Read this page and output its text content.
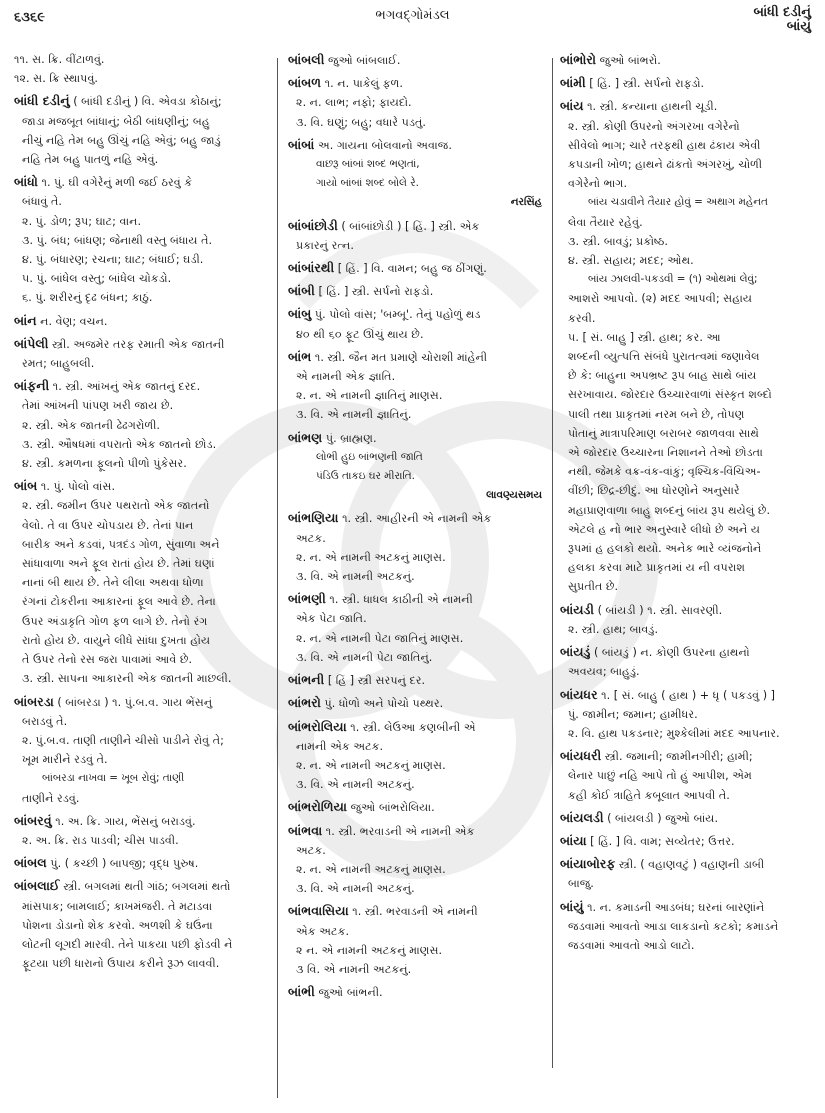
૬૩૬૯	ભગવદ્ગોમંડલ	બાંધી દડીનું
બાંયું
૧૧. સ. ક્રિ. વીંટાળવું.
૧૨. સ. ક્રિ સ્થાપવું.
બાંધી દડીનું ( બાંધી દડીનું ) વિ. એવડા કોઠાનું;
જાડા મજબૂત બાંધાનું; બેઠી બાંધણીનું; બહુ
નીચું નહિ તેમ બહુ ઊંચું નહિ એવું; બહુ જાડું
નહિ તેમ બહુ પાતળું નહિ એવું.
બાંધો ૧. પું. ઘી વગેરેનું મળી જઈ ઠરવું કે
બંધાવું તે.
૨. પું. ડોળ; રૂપ; ઘાટ; વાન.
૩. પું. બંધ; બાંધણ; જેનાથી વસ્તુ બંધાય તે.
૪. પું. બંધારણ; રચના; ઘાટ; બંધાઈ; ઘડી.
૫. પું. બાંધેલ વસ્તુ; બાંધેલ ચોકડો.
૬. પું. શરીરનું દૃઢ બંધન; કાઠું.
બાંન ન. વેણ; વચન.
બાંપેલી સ્ત્રી. અજમેર તરફ રમાતી એક જાતની
રમત; બાહુબલી.
બાંફની ૧. સ્ત્રી. આંખનું એક જાતનું દરદ.
તેમાં આંખની પાંપણ ખરી જાય છે.
૨. સ્ત્રી. એક જાતની ઢેઢગરોળી.
૩. સ્ત્રી. ઔષધમાં વપરાતો એક જાતનો છોડ.
૪. સ્ત્રી. કમળના ફૂલનો પીળો પુંકેસર.
બાંબ ૧. પું. પોલો વાંસ.
૨. સ્ત્રી. જમીન ઉપર પથરાતો એક જાતનો
વેલો. તે વા ઉપર ચોપડાય છે. તેનાં પાન
બારીક અને કડવાં, પત્રદંડ ગોળ, સુંવાળા અને
સાંધાવાળા અને ફૂલ રાતાં હોય છે. તેમાં ઘણાં
નાનાં બી થાય છે. તેને લીલા અથવા ધોળા
રંગનાં ટોકરીના આકારનાં ફૂલ આવે છે. તેના
ઉપર અંડાકૃતિ ગોળ ફળ લાગે છે. તેનો રંગ
રાતો હોય છે. વાયુને લીધે સાંધા દુખતા હોય
તે ઉપર તેનો રસ જરા પાવામાં આવે છે.
૩. સ્ત્રી. સાપના આકારની એક જાતની માછલી.
બાંબરડા ( બાંબરડા ) ૧. પું.બ.વ. ગાય ભેંસનું
બરાડવું તે.
૨. પું.બ.વ. તાણી તાણીને ચીસો પાડીને રોવું તે;
ખૂમ મારીને રડવું તે.
બાંબરડા નાખવા = ખૂબ રોવું; તાણી
તાણીને રડવું.
બાંબરવું ૧. અ. ક્રિ. ગાય, ભેંસનું બરાડવું.
૨. અ. ક્રિ. રાડ પાડવી; ચીસ પાડવી.
બાંબલ પું. ( કચ્છી ) બાપજી; વૃદ્ધ પુરુષ.
બાંબલાઈ સ્ત્રી. બગલમાં થતી ગાંઠ; બગલમાં થતો
માંસપાક; બામલાઈ; કાખમંજરી. તે મટાડવા
પોશના ડોડાનો શેક કરવો. અળશી કે ઘઉંના
લોટની લૂગદી મારવી. તેને પાકયા પછી ફોડવી ને
ફૂટયા પછી ધારાનો ઉપાય કરીને રૂઝ લાવવી.
બાંબલી જુઓ બાંબલાઈ.
બાંબળ ૧. ન. પાકેલું ફળ.
૨. ન. લાભ; નફો; ફાયદો.
૩. વિ. ઘણું; બહુ; વધારે પડતું.
બાંબાં અ. ગાયના બોલવાનો અવાજ.
વાછરૂ બાંબાં શબ્દ ભણતાં,
ગાયો બાંબાં શબ્દ બોલે રે.
નરસિંહ
બાંબાંછોડી ( બાંબાંછોડી ) [ હિં. ] સ્ત્રી. એક
પ્રકારનું રત્ન.
બાંબાંરથી [ હિં. ] વિ. વામન; બહુ જ ઠીંગણું.
બાંબી [ હિં. ] સ્ત્રી. સર્પનો રાફડો.
બાંબુ પું. પોલો વાંસ; 'બમ્બૂ'. તેનું પહોળું થડ
૪૦ થી ૬૦ ફૂટ ઊંચું થાય છે.
બાંભ ૧. સ્ત્રી. જૈન મત પ્રમાણે ચોરાશી માંહેની
એ નામની એક જ્ઞાતિ.
૨. ન. એ નામની જ્ઞાતિનું માણસ.
૩. વિ. એ નામની જ્ઞાતિનું.
બાંભણ પું. બ્રાહ્મણ.
લોભી હુઇ બાંભણની જાતિ
પંડિઉ તાકઇ ઘર મીરાતિ.
લાવણ્યસમય
બાંભણિયા ૧. સ્ત્રી. આહીરની એ નામની એક
અટક.
૨. ન. એ નામની અટકનું માણસ.
૩. વિ. એ નામની અટકનું.
બાંભણી ૧. સ્ત્રી. ધાધલ કાઠીની એ નામની
એક પેટા જાતિ.
૨. ન. એ નામની પેટા જાતિનું માણસ.
૩. વિ. એ નામની પેટા જાતિનું.
બાંભની [ હિં ] સ્ત્રી સરપનું દર.
બાંભરો પું. ધોળો અને પોચો પથ્થર.
બાંભરોલિયા ૧. સ્ત્રી. લેઉઆ કણબીની એ
નામની એક અટક.
૨. ન. એ નામની અટકનું માણસ.
૩. વિ. એ નામની અટકનું.
બાંભરોળિયા જુઓ બાંભરોલિયા.
બાંભવા ૧. સ્ત્રી. ભરવાડની એ નામની એક
અટક.
૨. ન. એ નામની અટકનું માણસ.
૩. વિ. એ નામની અટકનું.
બાંભવાસિયા ૧. સ્ત્રી. ભરવાડની એ નામની
એક અટક.
૨ ન. એ નામની અટકનું માણસ.
૩ વિ. એ નામની અટકનું.
બાંભી જુઓ બાંભની.
બાંભોરો જુઓ બાંભરો.
બાંમી [ હિં. ] સ્ત્રી. સર્પનો રાફડો.
બાંય ૧. સ્ત્રી. કન્યાના હાથની ચૂડી.
૨. સ્ત્રી. કોણી ઉપરનો અંગરખા વગેરેનો
સીવેલો ભાગ; ચારે તરફથી હાથ ઢંકાય એવી
કપડાની ખોળ; હાથને ઢાંકતો અંગરખું, ચોળી
વગેરેનો ભાગ.
બાંય ચડાવીને તૈયાર હોવું = અથાગ મહેનત
લેવા તૈયાર રહેવું.
૩. સ્ત્રી. બાવડું; પ્રકોષ્ઠ.
૪. સ્ત્રી. સહાય; મદદ; ઓથ.
બાંય ઝાલવી-પકડવી = (૧) ઓથમાં લેવું;
આશરો આપવો. (૨) મદદ આપવી; સહાય
કરવી.
૫. [ સં. બાહુ ] સ્ત્રી. હાથ; કર. આ
શબ્દની વ્યુત્પત્તિ સંબંધે પુરાતત્વમાં જણાવેલ
છે કે: બાહુના અપભ્રષ્ટ રૂપ બાહ સાથે બાંય
સરખાવાય. જોરદાર ઉચ્ચારવાળાં સંસ્કૃત શબ્દો
પાલી તથા પ્રાકૃતમાં નરમ બને છે, તોપણ
પોતાનું માત્રાપરિમાણ બરાબર જાળવવા સાથે
એ જોરદાર ઉચ્ચારના નિશાનને તેઓ છોડતા
નથી. જેમકે વક્ર-વંક-વાંકું; વૃશ્ચિક-વિંચિઅ-
વીંછી; છિદ્ર-છીદું. આ ધોરણોને અનુસારે
મહાપ્રાણવાળા બાહુ શબ્દનું બાંય રૂપ થયેલું છે.
એટલે હ નો ભાર અનુસ્વારે લીધો છે અને ય
રૂપમાં હ હલકો થયો. અનેક ભારે વ્યંજનોને
હલકા કરવા માટે પ્રાકૃતમાં ય ની વપરાશ
સુપ્રતીત છે.
બાંયડી ( બાંયડી ) ૧. સ્ત્રી. સાવરણી.
૨. સ્ત્રી. હાથ; બાવડું.
બાંયડું ( બાંયડું ) ન. કોણી ઉપરના હાથનો
અવયવ; બાહુડું.
બાંયધર ૧. [ સં. બાહુ ( હાથ ) + ધૃ ( પકડવું ) ]
પું. જામીન; જમાન; હામીધર.
૨. વિ. હાથ પકડનાર; મુશ્કેલીમાં મદદ આપનાર.
બાંયધરી સ્ત્રી. જમાની; જામીનગીરી; હામી;
લેનાર પાછું નહિ આપે તો હું આપીશ, એમ
કહી કોઈ ત્રાહિતે કબૂલાત આપવી તે.
બાંયલડી ( બાંયલડી ) જુઓ બાંય.
બાંયા [ હિં. ] વિ. વામ; સવ્યેતર; ઉત્તર.
બાંયાબોરફ સ્ત્રી. ( વહાણવટું ) વહાણની ડાબી
બાજુ.
બાંયું ૧. ન. કમાડની આડબંધ; ઘરનાં બારણાંને
જડવામાં આવતો આડા લાકડાનો કટકો; કમાડને
જડવામાં આવતો આડો લાટો.
